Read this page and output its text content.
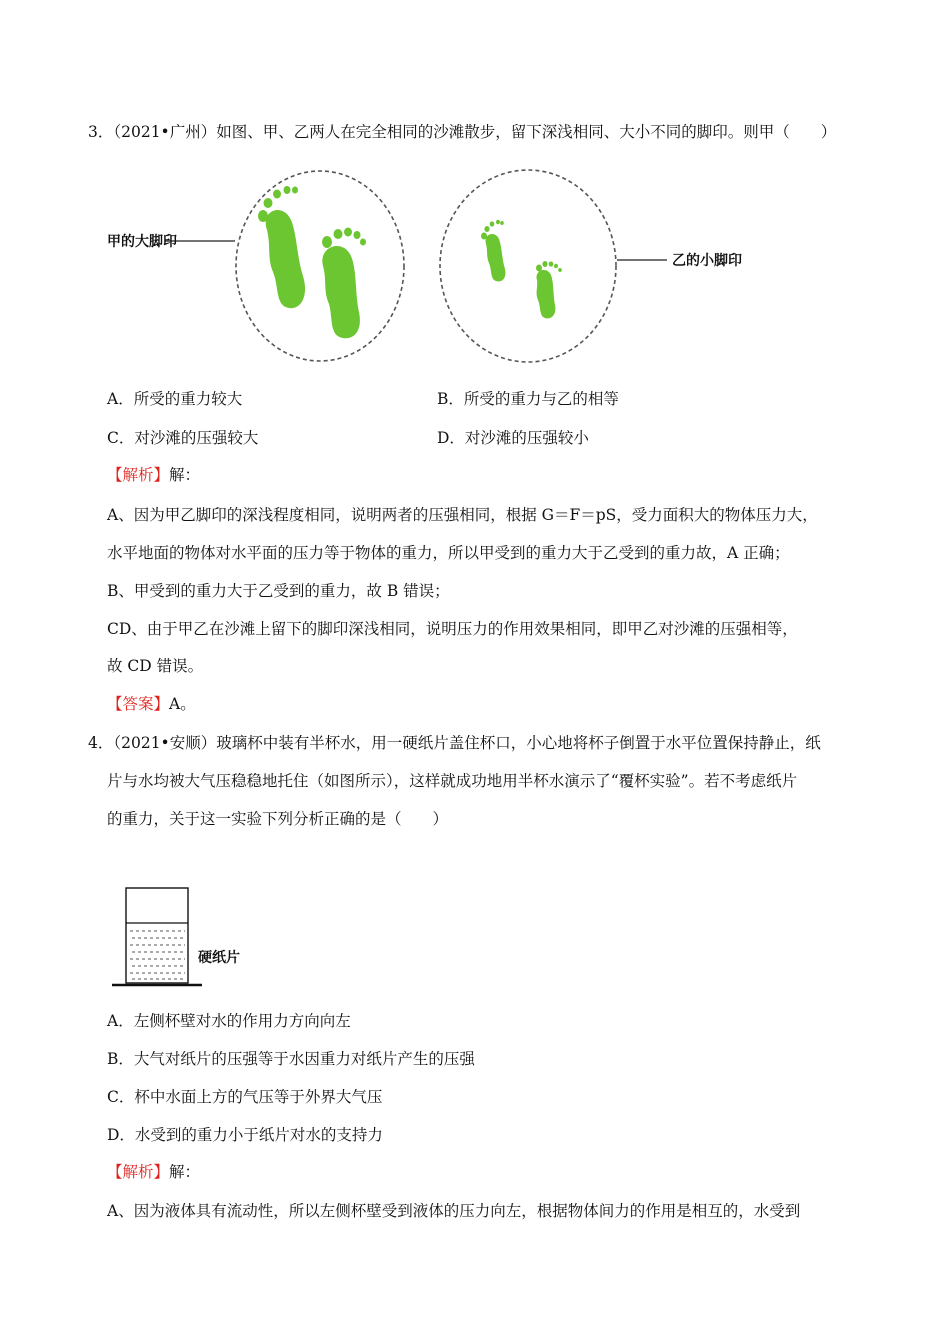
3．（2021•广州）如图、甲、乙两人在完全相同的沙滩散步，留下深浅相同、大小不同的脚印。则甲（　　）
甲的大脚印
乙的小脚印
A．所受的重力较大	B．所受的重力与乙的相等
C．对沙滩的压强较大	D．对沙滩的压强较小
【解析】解：
A、因为甲乙脚印的深浅程度相同，说明两者的压强相同，根据 G＝F＝pS，受力面积大的物体压力大，
水平地面的物体对水平面的压力等于物体的重力，所以甲受到的重力大于乙受到的重力故，A 正确；
B、甲受到的重力大于乙受到的重力，故 B 错误；
CD、由于甲乙在沙滩上留下的脚印深浅相同，说明压力的作用效果相同，即甲乙对沙滩的压强相等，
故 CD 错误。
【答案】A。
4．（2021•安顺）玻璃杯中装有半杯水，用一硬纸片盖住杯口，小心地将杯子倒置于水平位置保持静止，纸
片与水均被大气压稳稳地托住（如图所示），这样就成功地用半杯水演示了“覆杯实验”。若不考虑纸片
的重力，关于这一实验下列分析正确的是（　　）
硬纸片
A．左侧杯壁对水的作用力方向向左
B．大气对纸片的压强等于水因重力对纸片产生的压强
C．杯中水面上方的气压等于外界大气压
D．水受到的重力小于纸片对水的支持力
【解析】解：
A、因为液体具有流动性，所以左侧杯壁受到液体的压力向左，根据物体间力的作用是相互的，水受到
